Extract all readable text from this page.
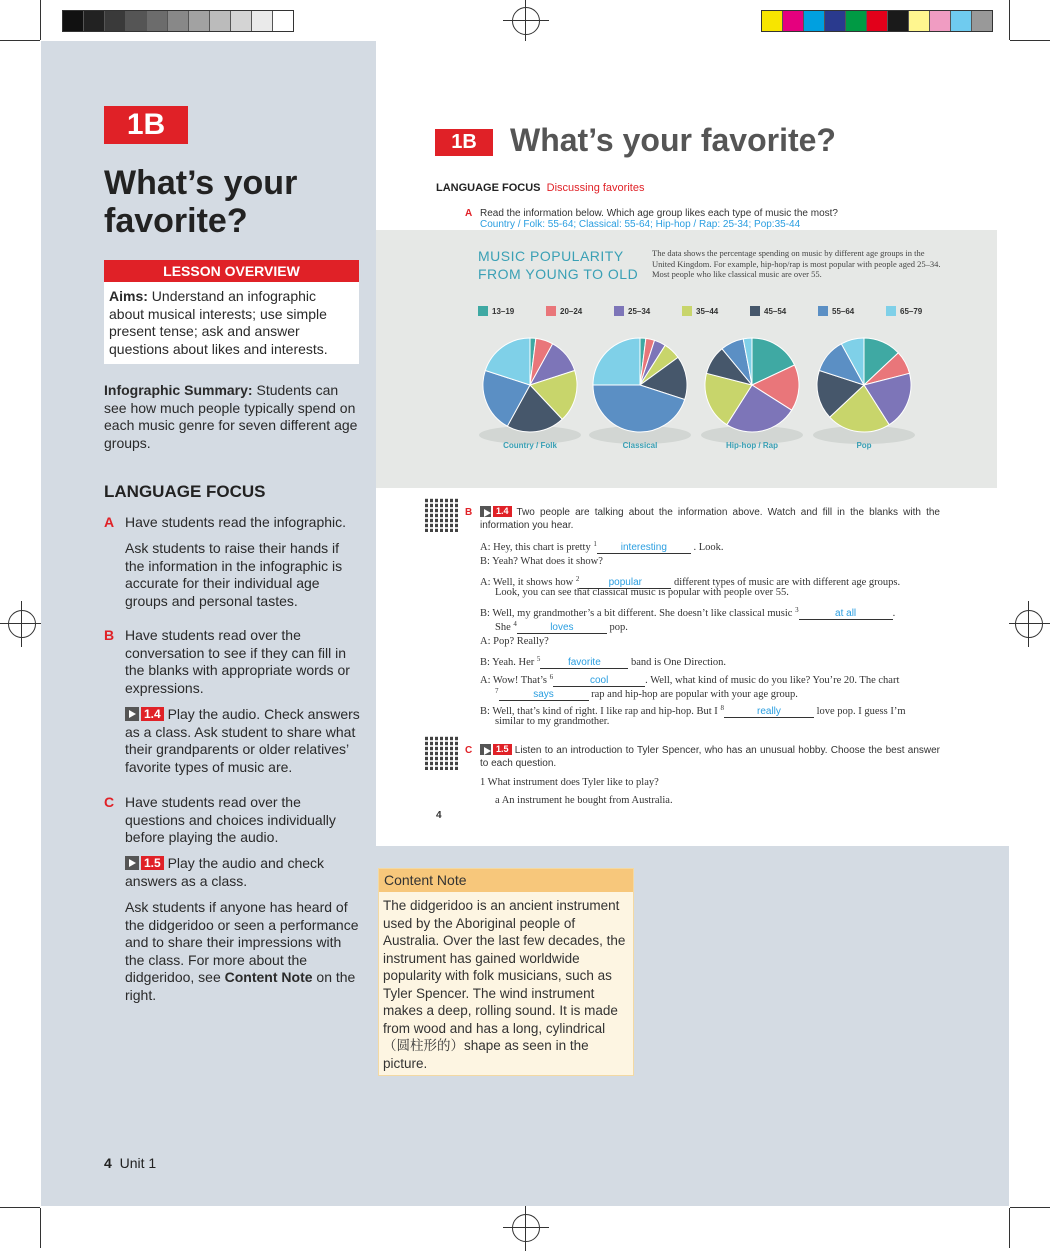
1B
What’s your
favorite?
LESSON OVERVIEW
Aims: Understand an infographic about musical interests; use simple present tense; ask and answer questions about likes and interests.
Infographic Summary: Students can see how much people typically spend on each music genre for seven different age groups.
LANGUAGE FOCUS
A Have students read the infographic.
Ask students to raise their hands if the information in the infographic is accurate for their individual age groups and personal tastes.
B Have students read over the conversation to see if they can fill in the blanks with appropriate words or expressions.
1.4 Play the audio. Check answers as a class. Ask student to share what their grandparents or older relatives’ favorite types of music are.
C Have students read over the questions and choices individually before playing the audio.
1.5 Play the audio and check answers as a class.
Ask students if anyone has heard of the didgeridoo or seen a performance and to share their impressions with the class. For more about the didgeridoo, see Content Note on the right.
4 Unit 1
Content Note
The didgeridoo is an ancient instrument used by the Aboriginal people of Australia. Over the last few decades, the instrument has gained worldwide popularity with folk musicians, such as Tyler Spencer. The wind instrument makes a deep, rolling sound. It is made from wood and has a long, cylindrical （圆柱形的）shape as seen in the picture.
1B	What’s your favorite?
LANGUAGE FOCUS Discussing favorites
A Read the information below. Which age group likes each type of music the most?
Country / Folk: 55-64; Classical: 55-64; Hip-hop / Rap: 25-34; Pop:35-44
MUSIC POPULARITY
FROM YOUNG TO OLD
The data shows the percentage spending on music by different age groups in the United Kingdom. For example, hip-hop/rap is most popular with people aged 25–34. Most people who like classical music are over 55.
13–19	20–24	25–34	35–44	45–54	55–64	65–79
Country / Folk	Classical	Hip-hop / Rap	Pop
B	1.4 Two people are talking about the information above. Watch and fill in the blanks with the information you hear.
A: Hey, this chart is pretty $^1$ interesting . Look.
B: Yeah? What does it show?
A: Well, it shows how $^2$	popular	different types of music are with different age groups.
Look, you can see that classical music is popular with people over 55.
B: Well, my grandmother’s a bit different. She doesn’t like classical music $^3$	at all	.
She $^4$	loves	pop.
A: Pop? Really?
B: Yeah. Her $^5$	favorite	band is One Direction.
A: Wow! That’s $^6$	cool	. Well, what kind of music do you like? You’re 20. The chart
$^7$	says	rap and hip-hop are popular with your age group.
B: Well, that’s kind of right. I like rap and hip-hop. But I $^8$	really	love pop. I guess I’m
similar to my grandmother.
C	1.5 Listen to an introduction to Tyler Spencer, who has an unusual hobby. Choose the best answer to each question.
1 What instrument does Tyler like to play?
a An instrument he bought from Australia.
4
